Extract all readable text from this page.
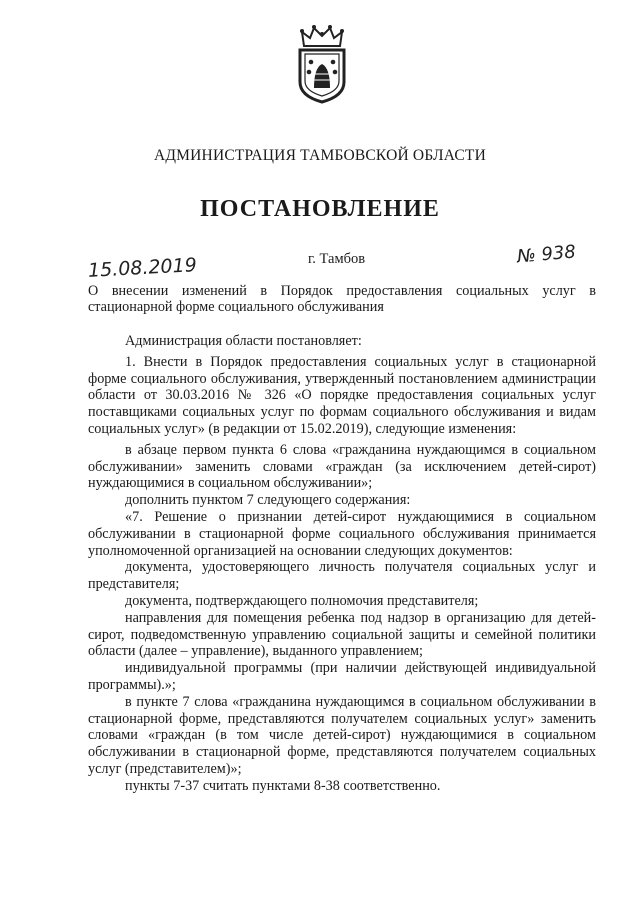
АДМИНИСТРАЦИЯ ТАМБОВСКОЙ ОБЛАСТИ
ПОСТАНОВЛЕНИЕ
15.08.2019	г. Тамбов	№ 938
О внесении изменений в Порядок предоставления социальных услуг в стационарной форме социального обслуживания

Администрация области постановляет:

1. Внести в Порядок предоставления социальных услуг в стационарной форме социального обслуживания, утвержденный постановлением администрации области от 30.03.2016 № 326 «О порядке предоставления социальных услуг поставщиками социальных услуг по формам социального обслуживания и видам социальных услуг» (в редакции от 15.02.2019), следующие изменения:

в абзаце первом пункта 6 слова «гражданина нуждающимся в социальном обслуживании» заменить словами «граждан (за исключением детей-сирот) нуждающимися в социальном обслуживании»;

дополнить пунктом 7 следующего содержания:

«7. Решение о признании детей-сирот нуждающимися в социальном обслуживании в стационарной форме социального обслуживания принимается уполномоченной организацией на основании следующих документов:

документа, удостоверяющего личность получателя социальных услуг и представителя;

документа, подтверждающего полномочия представителя;

направления для помещения ребенка под надзор в организацию для детей-сирот, подведомственную управлению социальной защиты и семейной политики области (далее – управление), выданного управлением;

индивидуальной программы (при наличии действующей индивидуальной программы).»;

в пункте 7 слова «гражданина нуждающимся в социальном обслуживании в стационарной форме, представляются получателем социальных услуг» заменить словами «граждан (в том числе детей-сирот) нуждающимися в социальном обслуживании в стационарной форме, представляются получателем социальных услуг (представителем)»;

пункты 7-37 считать пунктами 8-38 соответственно.
